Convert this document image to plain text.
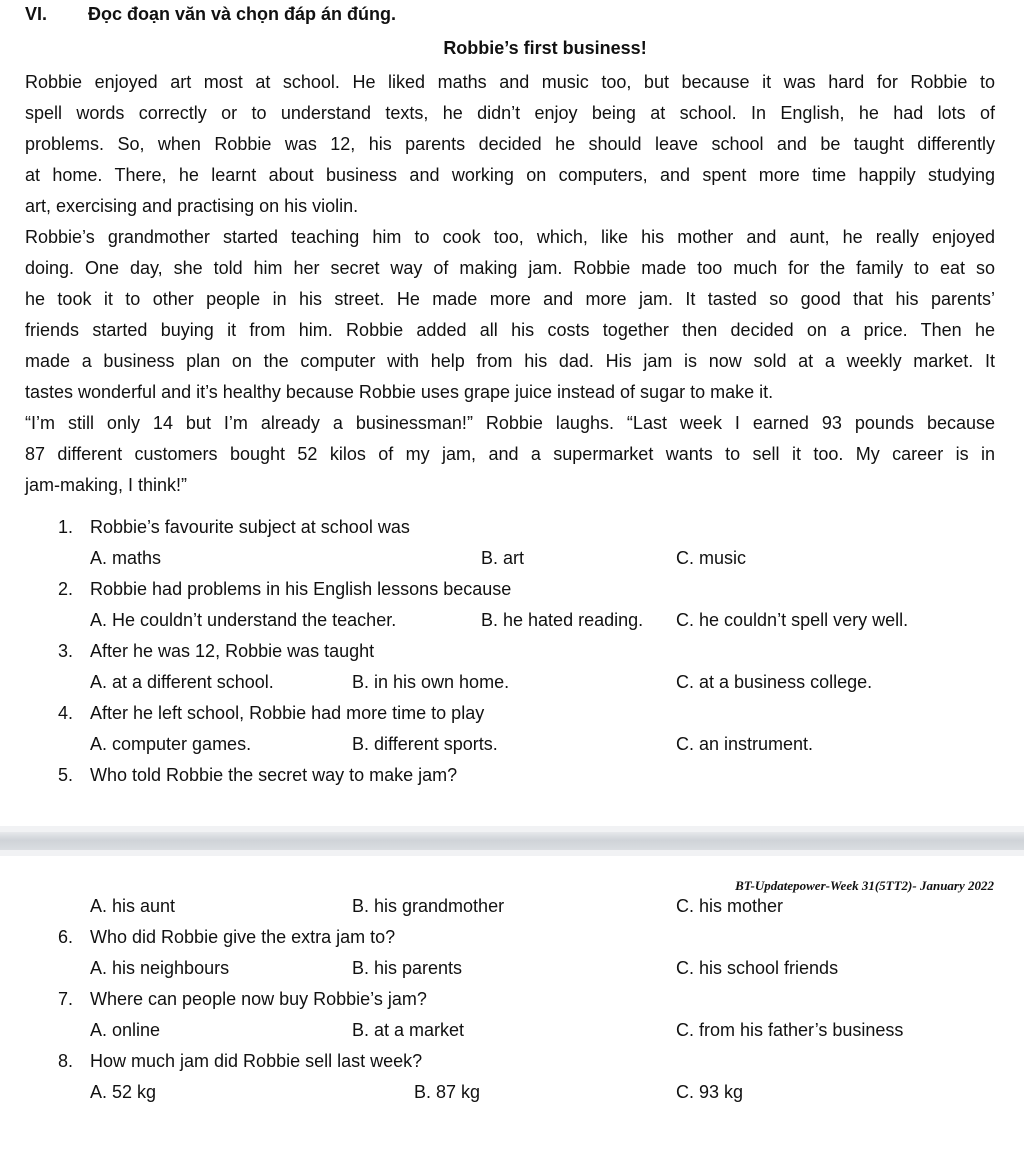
VI. Đọc đoạn văn và chọn đáp án đúng.
Robbie’s first business!
Robbie enjoyed art most at school. He liked maths and music too, but because it was hard for Robbie to
spell words correctly or to understand texts, he didn’t enjoy being at school. In English, he had lots of
problems. So, when Robbie was 12, his parents decided he should leave school and be taught differently
at home. There, he learnt about business and working on computers, and spent more time happily studying
art, exercising and practising on his violin.
Robbie’s grandmother started teaching him to cook too, which, like his mother and aunt, he really enjoyed
doing. One day, she told him her secret way of making jam. Robbie made too much for the family to eat so
he took it to other people in his street. He made more and more jam. It tasted so good that his parents’
friends started buying it from him. Robbie added all his costs together then decided on a price. Then he
made a business plan on the computer with help from his dad. His jam is now sold at a weekly market. It
tastes wonderful and it’s healthy because Robbie uses grape juice instead of sugar to make it.
“I’m still only 14 but I’m already a businessman!” Robbie laughs. “Last week I earned 93 pounds because
87 different customers bought 52 kilos of my jam, and a supermarket wants to sell it too. My career is in
jam-making, I think!”
1. Robbie’s favourite subject at school was
A. maths	B. art	C. music
2. Robbie had problems in his English lessons because
A. He couldn’t understand the teacher.	B. he hated reading. C. he couldn’t spell very well.
3. After he was 12, Robbie was taught
A. at a different school.	B. in his own home.	C. at a business college.
4. After he left school, Robbie had more time to play
A. computer games.	B. different sports.	C. an instrument.
5. Who told Robbie the secret way to make jam?
BT-Updatepower-Week 31(5TT2)- January 2022
A. his aunt	B. his grandmother	C. his mother
6. Who did Robbie give the extra jam to?
A. his neighbours	B. his parents	C. his school friends
7. Where can people now buy Robbie’s jam?
A. online	B. at a market	C. from his father’s business
8. How much jam did Robbie sell last week?
A. 52 kg	B. 87 kg	C. 93 kg
